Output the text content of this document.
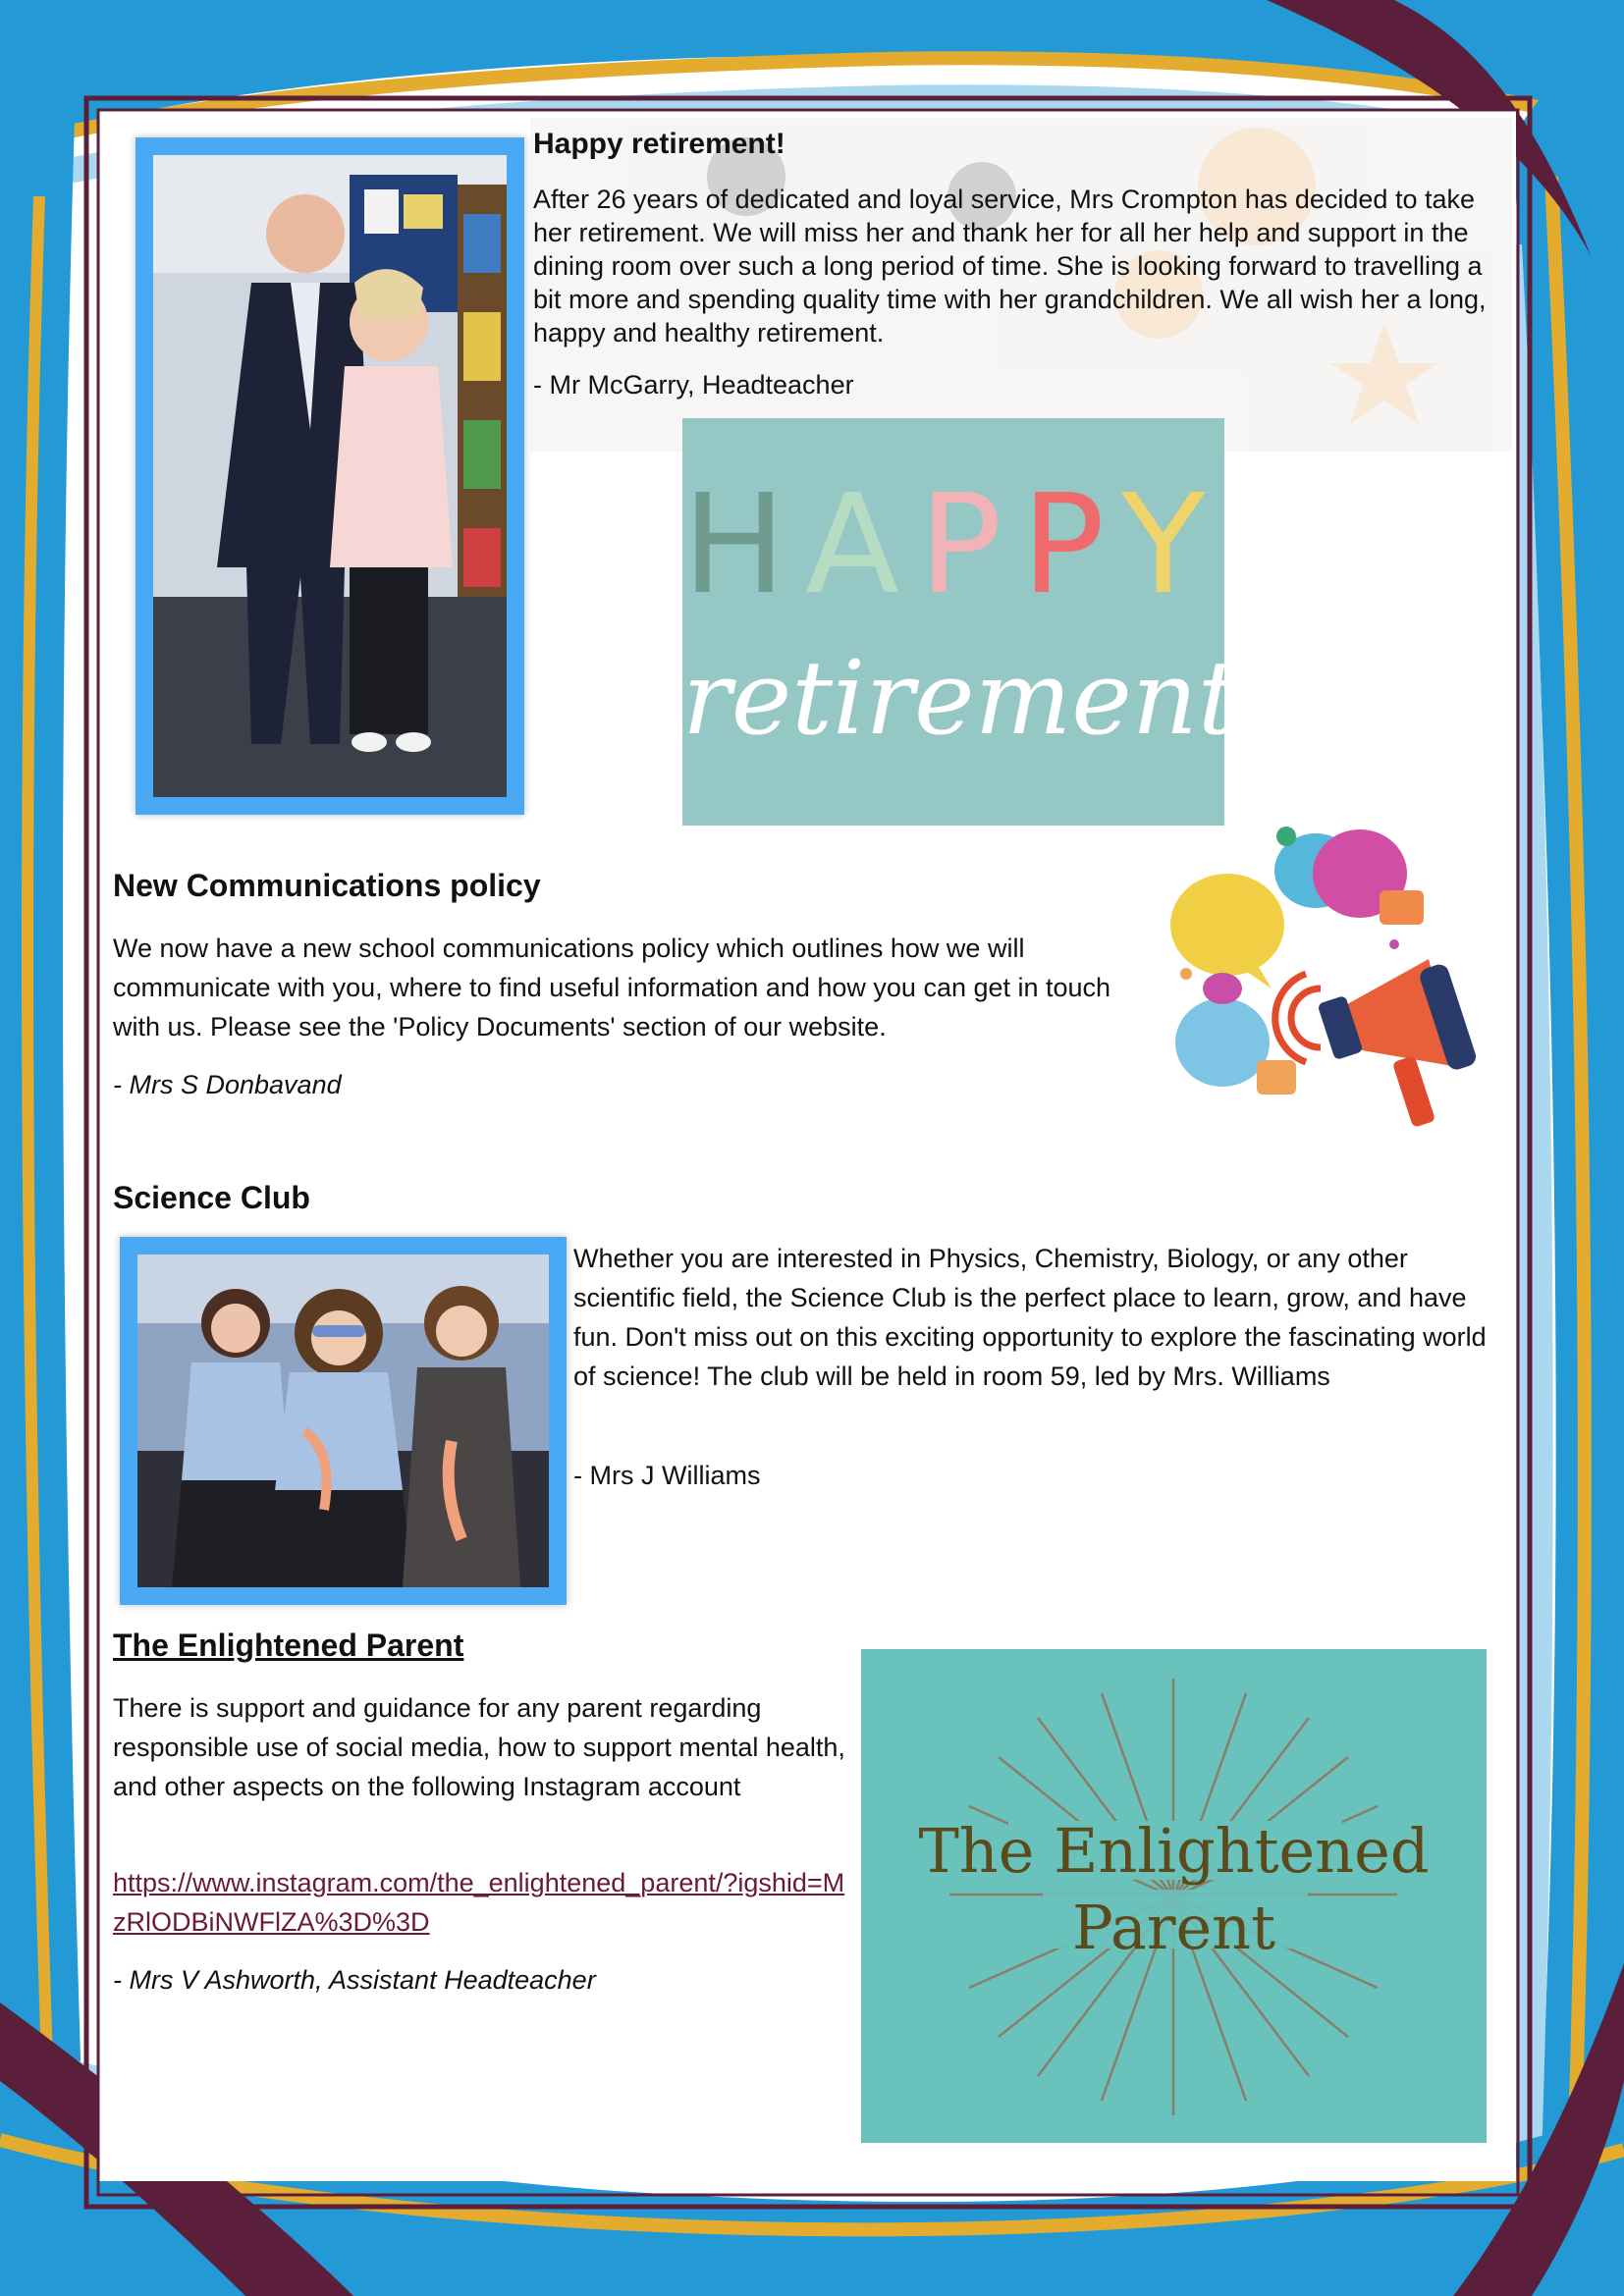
Happy retirement!

After 26 years of dedicated and loyal service, Mrs Crompton has decided to take her retirement. We will miss her and thank her for all her help and support in the dining room over such a long period of time. She is looking forward to travelling a bit more and spending quality time with her grandchildren. We all wish her a long, happy and healthy retirement.

- Mr McGarry, Headteacher

HAPPY
retirement
New Communications policy

We now have a new school communications policy which outlines how we will communicate with you, where to find useful information and how you can get in touch with us. Please see the 'Policy Documents' section of our website.

- Mrs S Donbavand

Science Club

Whether you are interested in Physics, Chemistry, Biology, or any other scientific field, the Science Club is the perfect place to learn, grow, and have fun. Don't miss out on this exciting opportunity to explore the fascinating world of science! The club will be held in room 59, led by Mrs. Williams

- Mrs J Williams

The Enlightened Parent

There is support and guidance for any parent regarding responsible use of social media, how to support mental health, and other aspects on the following Instagram account

https://www.instagram.com/the_enlightened_parent/?igshid=MzRlODBiNWFlZA%3D%3D

- Mrs V Ashworth, Assistant Headteacher

The Enlightened
Parent
